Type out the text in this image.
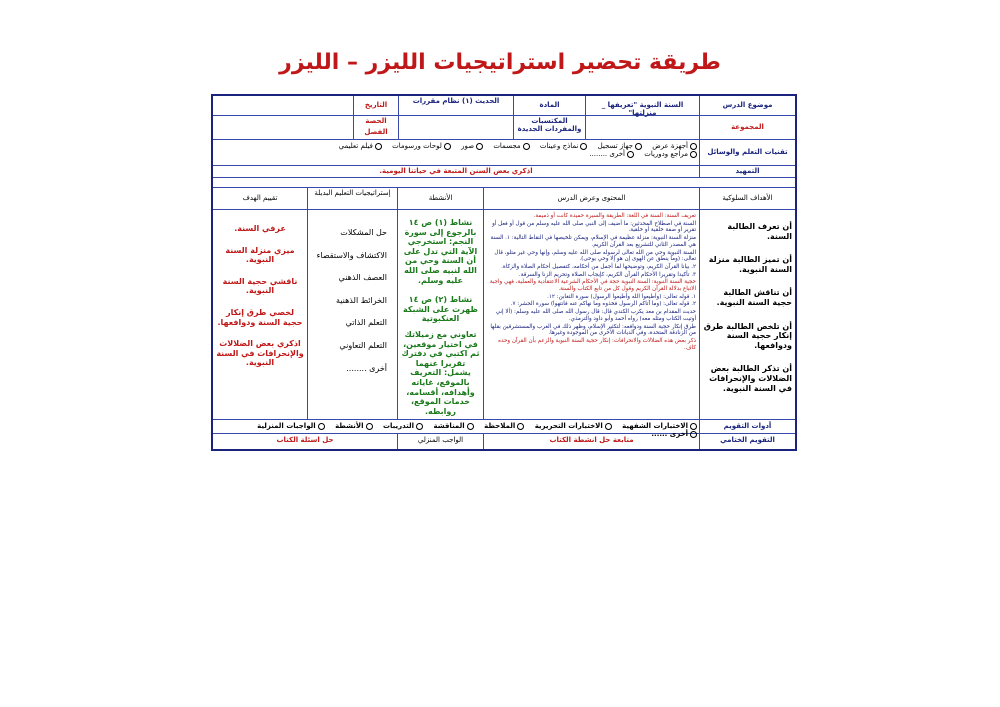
طريقة تحضير استراتيجيات الليزر – الليزر
موضوع الدرس
السنة النبوية "تعريفها _ منزلتها"
المادة
الحديث (١) نظام مقررات
التاريخ
المجموعة
المكتسبات والمفردات الجديدة
الحصة
الفصل
تقنيات التعلم والوسائل
أجهزة عرض جهاز تسجيل نماذج وعينات مجسمات صور لوحات ورسومات فيلم تعليمي
مراجع ودوريات أخرى ........
التمهيد
اذكري بعض السنن المتبعة في حياتنا اليومية.
الأهداف السلوكية
المحتوى وعرض الدرس
الأنشطة
إستراتيجيات التعليم البديلة
تقييم الهدف
أن تعرف الطالبة السنة.
أن تميز الطالبة منزلة السنة النبوية.
أن تناقش الطالبة حجية السنة النبوية.
أن تلخص الطالبة طرق إنكار حجية السنة ودوافعها.
أن تذكر الطالبة بعض الضلالات والإنحرافات في السنة النبوية.

تعريف السنة: السنة في اللغة: الطريقة والسيرة حميدة كانت أو ذميمة.

السنة في اصطلاح المحدثين: ما أضيف إلى النبي صلى الله عليه وسلم من قول أو فعل أو تقرير أو صفة خلقية أو خلقية.

منزلة السنة النبوية: منزلة عظيمة في الإسلام، ويمكن تلخيصها في النقاط التالية: ١. السنة هي المصدر الثاني للتشريع بعد القرآن الكريم.

السنة النبوية وحي من الله تعالى لرسوله صلى الله عليه وسلم، وإنها وحي غير متلو، قال تعالى: (وما ينطق عن الهوى إن هو إلا وحي يوحى).

٢. بيانا القرآن الكريم، وتوضيحها لما أجمل من أحكامه، كتفصيل أحكام الصلاة والزكاة.

٣. تأكيدا وتقريرا الأحكام القرآن الكريم، كإيجاب الصلاة وتحريم الزنا والسرقة.

حجية السنة النبوية: السنة النبوية حجة في الأحكام الشرعية الاعتقادية والعملية، فهي واجبة الاتباع بدلالة القرآن الكريم وقول كل من تابع الكتاب والسنة.

١. قوله تعالى: (وأطيعوا الله وأطيعوا الرسول) سورة التغابن: ١٢.

٢. قوله تعالى: (وما آتاكم الرسول فخذوه وما نهاكم عنه فانتهوا) سورة الحشر: ٧.

حديث المقدام بن معد يكرب الكندي قال: قال رسول الله صلى الله عليه وسلم: (ألا إني أوتيت الكتاب ومثله معه) رواه أحمد وأبو داود والترمذي.

طرق إنكار حجية السنة ودوافعه: لتكثير الإسلام، وظهر ذلك في الغرب والمستشرقين بقلها من الزنادقة المتحدة، وفي الديانات الأخرى من الموجودة وغيرها.

ذكر بعض هذه الضلالات والانحرافات: إنكار حجية السنة النبوية والزعم بأن القرآن وحده كاف.

نشاط (١) ص ١٤ بالرجوع إلى سورة النجم: استخرجي الآية التي تدل على أن السنة وحي من الله لنبيه صلى الله عليه وسلم.
نشاط (٢) ص ١٤ ظهرت على الشبكة العنكبوتية
تعاوني مع زميلاتك في اختيار موقعين، ثم اكتبي في دفترك تقريرا عنهما يشمل: التعريف بالموقع، غاياته وأهدافه، أقسامه، خدمات الموقع، روابطه.
حل المشكلات
الاكتشاف والاستقصاء
العصف الذهني
الخرائط الذهنية
التعلم الذاتي
التعلم التعاوني
أخرى ........
عرفي السنة.
ميزي منزلة السنة النبوية.
ناقشي حجية السنة النبوية.
لخصي طرق إنكار حجية السنة ودوافعها.
اذكري بعض الضلالات والإنحرافات في السنة النبوية.
أدوات التقويم
الاختبارات الشفهية الاختبارات التحريرية الملاحظة المناقشة التدريبات الأنشطة الواجبات المنزلية أخرى ......
التقويم الختامي
متابعة حل انشطة الكتاب
الواجب المنزلي
حل اسئلة الكتاب
